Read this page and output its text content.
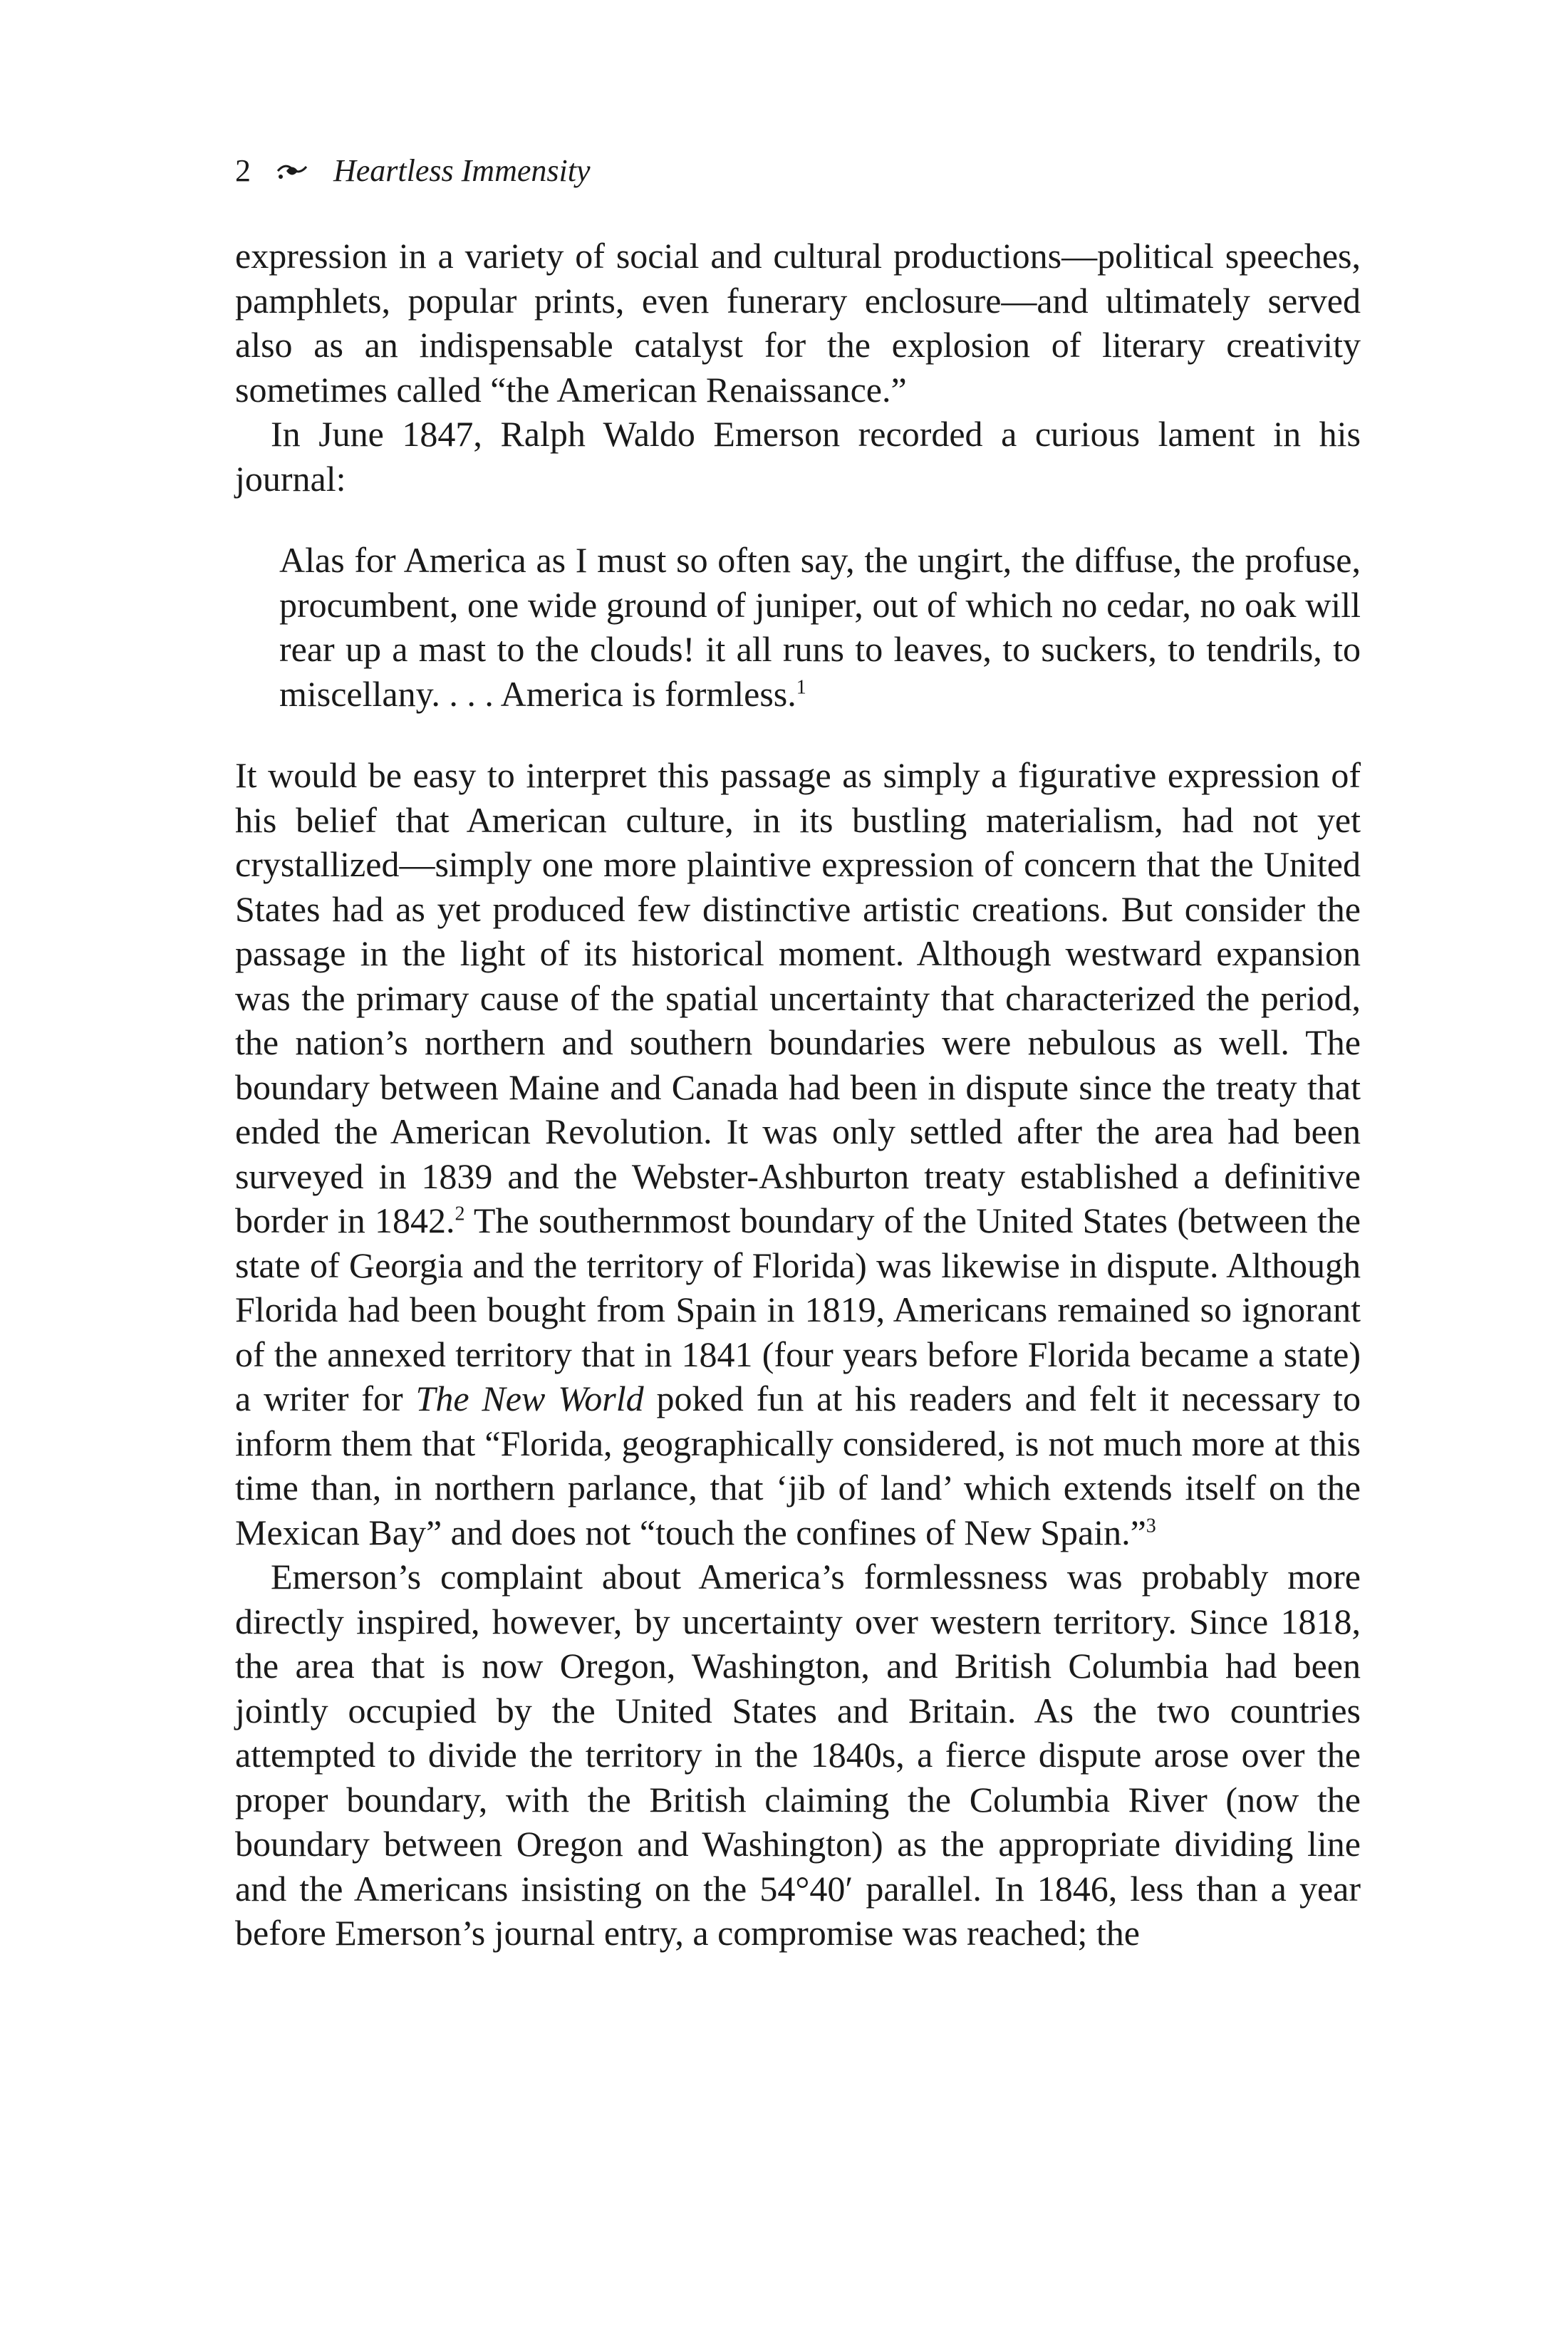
2	Heartless Immensity

expression in a variety of social and cultural productions—political speeches, pamphlets, popular prints, even funerary enclosure—and ultimately served also as an indispensable catalyst for the explosion of literary creativity sometimes called “the American Renaissance.”

In June 1847, Ralph Waldo Emerson recorded a curious lament in his journal:

Alas for America as I must so often say, the ungirt, the diffuse, the profuse, procumbent, one wide ground of juniper, out of which no cedar, no oak will rear up a mast to the clouds! it all runs to leaves, to suckers, to tendrils, to miscellany. . . . America is formless.$^1$

It would be easy to interpret this passage as simply a figurative expression of his belief that American culture, in its bustling materialism, had not yet crystallized—simply one more plaintive expression of concern that the United States had as yet produced few distinctive artistic creations. But consider the passage in the light of its historical moment. Although westward expansion was the primary cause of the spatial uncertainty that characterized the period, the nation’s northern and southern boundaries were nebulous as well. The boundary between Maine and Canada had been in dispute since the treaty that ended the American Revolution. It was only settled after the area had been surveyed in 1839 and the Webster-Ashburton treaty established a definitive border in 1842.$^2$ The southernmost boundary of the United States (between the state of Georgia and the territory of Florida) was likewise in dispute. Although Florida had been bought from Spain in 1819, Americans remained so ignorant of the annexed territory that in 1841 (four years before Florida became a state) a writer for The New World poked fun at his readers and felt it necessary to inform them that “Florida, geographically considered, is not much more at this time than, in northern parlance, that ‘jib of land’ which extends itself on the Mexican Bay” and does not “touch the confines of New Spain.”$^3$

Emerson’s complaint about America’s formlessness was probably more directly inspired, however, by uncertainty over western territory. Since 1818, the area that is now Oregon, Washington, and British Columbia had been jointly occupied by the United States and Britain. As the two countries attempted to divide the territory in the 1840s, a fierce dispute arose over the proper boundary, with the British claiming the Columbia River (now the boundary between Oregon and Washington) as the appropriate dividing line and the Americans insisting on the 54°40′ parallel. In 1846, less than a year before Emerson’s journal entry, a compromise was reached; the
